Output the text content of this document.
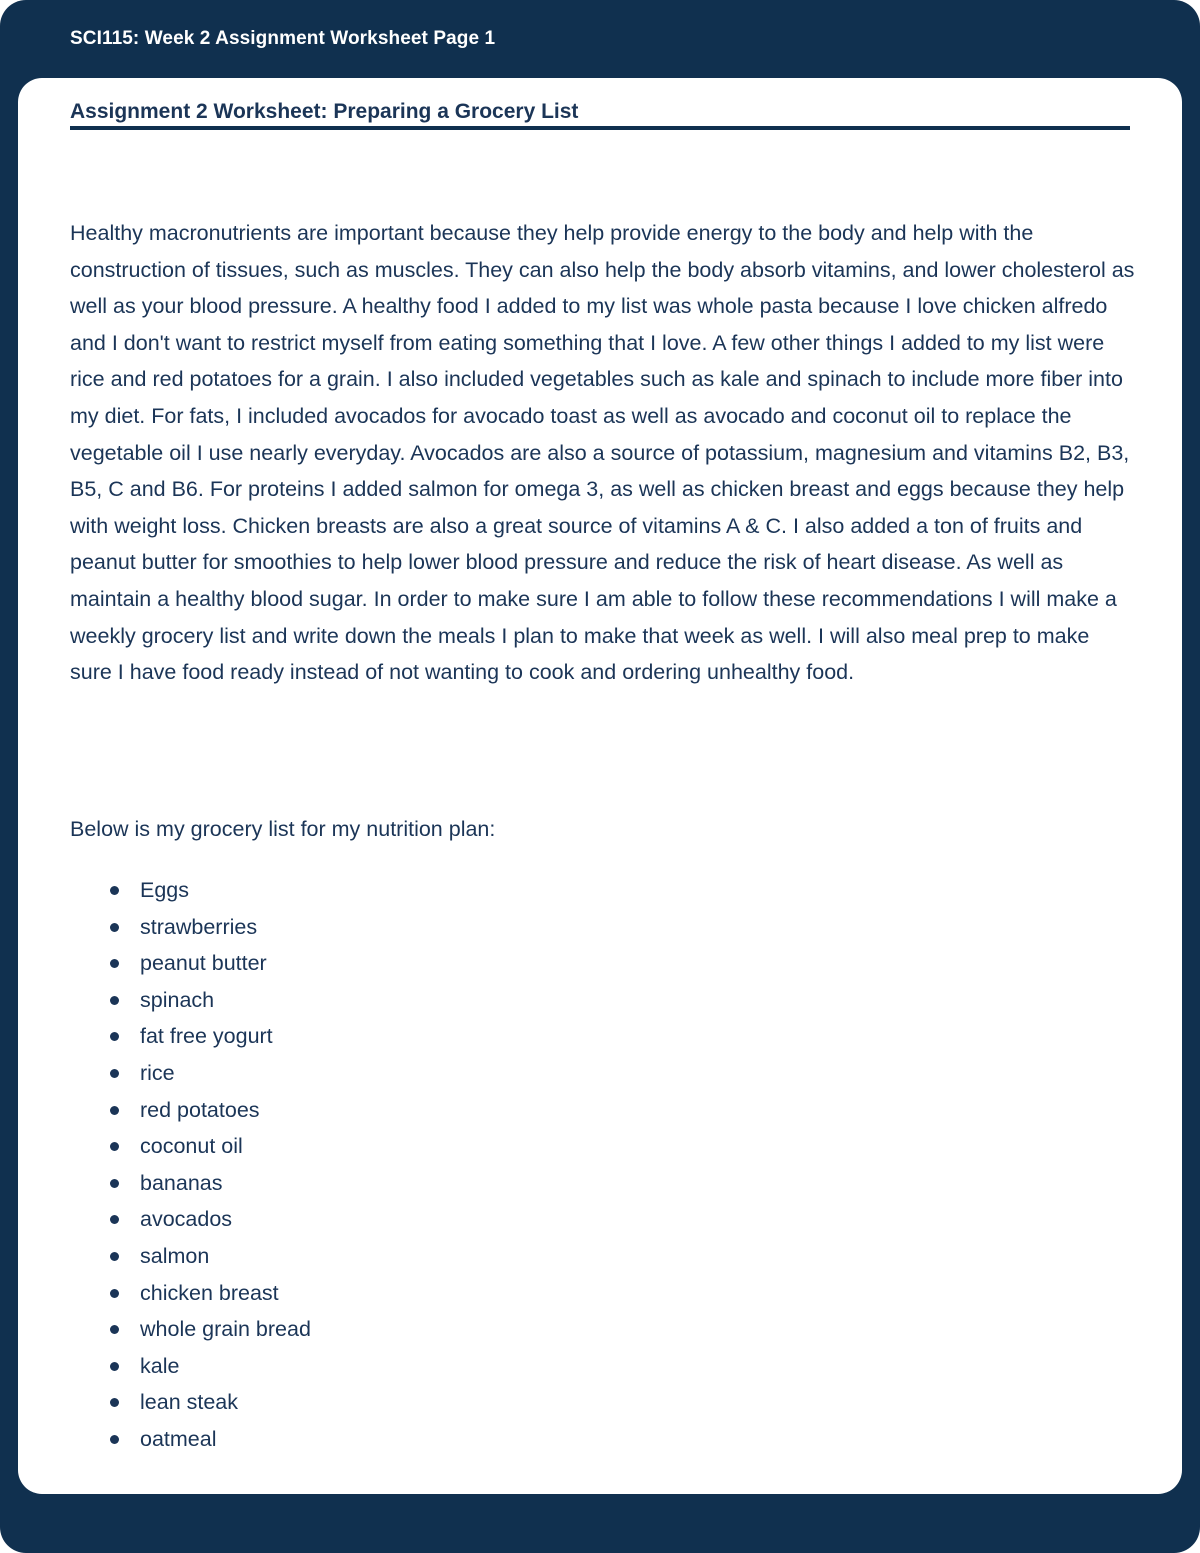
SCI115: Week 2 Assignment Worksheet Page 1
Assignment 2 Worksheet: Preparing a Grocery List

Healthy macronutrients are important because they help provide energy to the body and help with the construction of tissues, such as muscles. They can also help the body absorb vitamins, and lower cholesterol as well as your blood pressure. A healthy food I added to my list was whole pasta because I love chicken alfredo and I don't want to restrict myself from eating something that I love. A few other things I added to my list were rice and red potatoes for a grain. I also included vegetables such as kale and spinach to include more fiber into my diet. For fats, I included avocados for avocado toast as well as avocado and coconut oil to replace the vegetable oil I use nearly everyday. Avocados are also a source of potassium, magnesium and vitamins B2, B3, B5, C and B6. For proteins I added salmon for omega 3, as well as chicken breast and eggs because they help with weight loss. Chicken breasts are also a great source of vitamins A & C. I also added a ton of fruits and peanut butter for smoothies to help lower blood pressure and reduce the risk of heart disease. As well as maintain a healthy blood sugar. In order to make sure I am able to follow these recommendations I will make a weekly grocery list and write down the meals I plan to make that week as well. I will also meal prep to make sure I have food ready instead of not wanting to cook and ordering unhealthy food.

Below is my grocery list for my nutrition plan:

Eggs
strawberries
peanut butter
spinach
fat free yogurt
rice
red potatoes
coconut oil
bananas
avocados
salmon
chicken breast
whole grain bread
kale
lean steak
oatmeal
